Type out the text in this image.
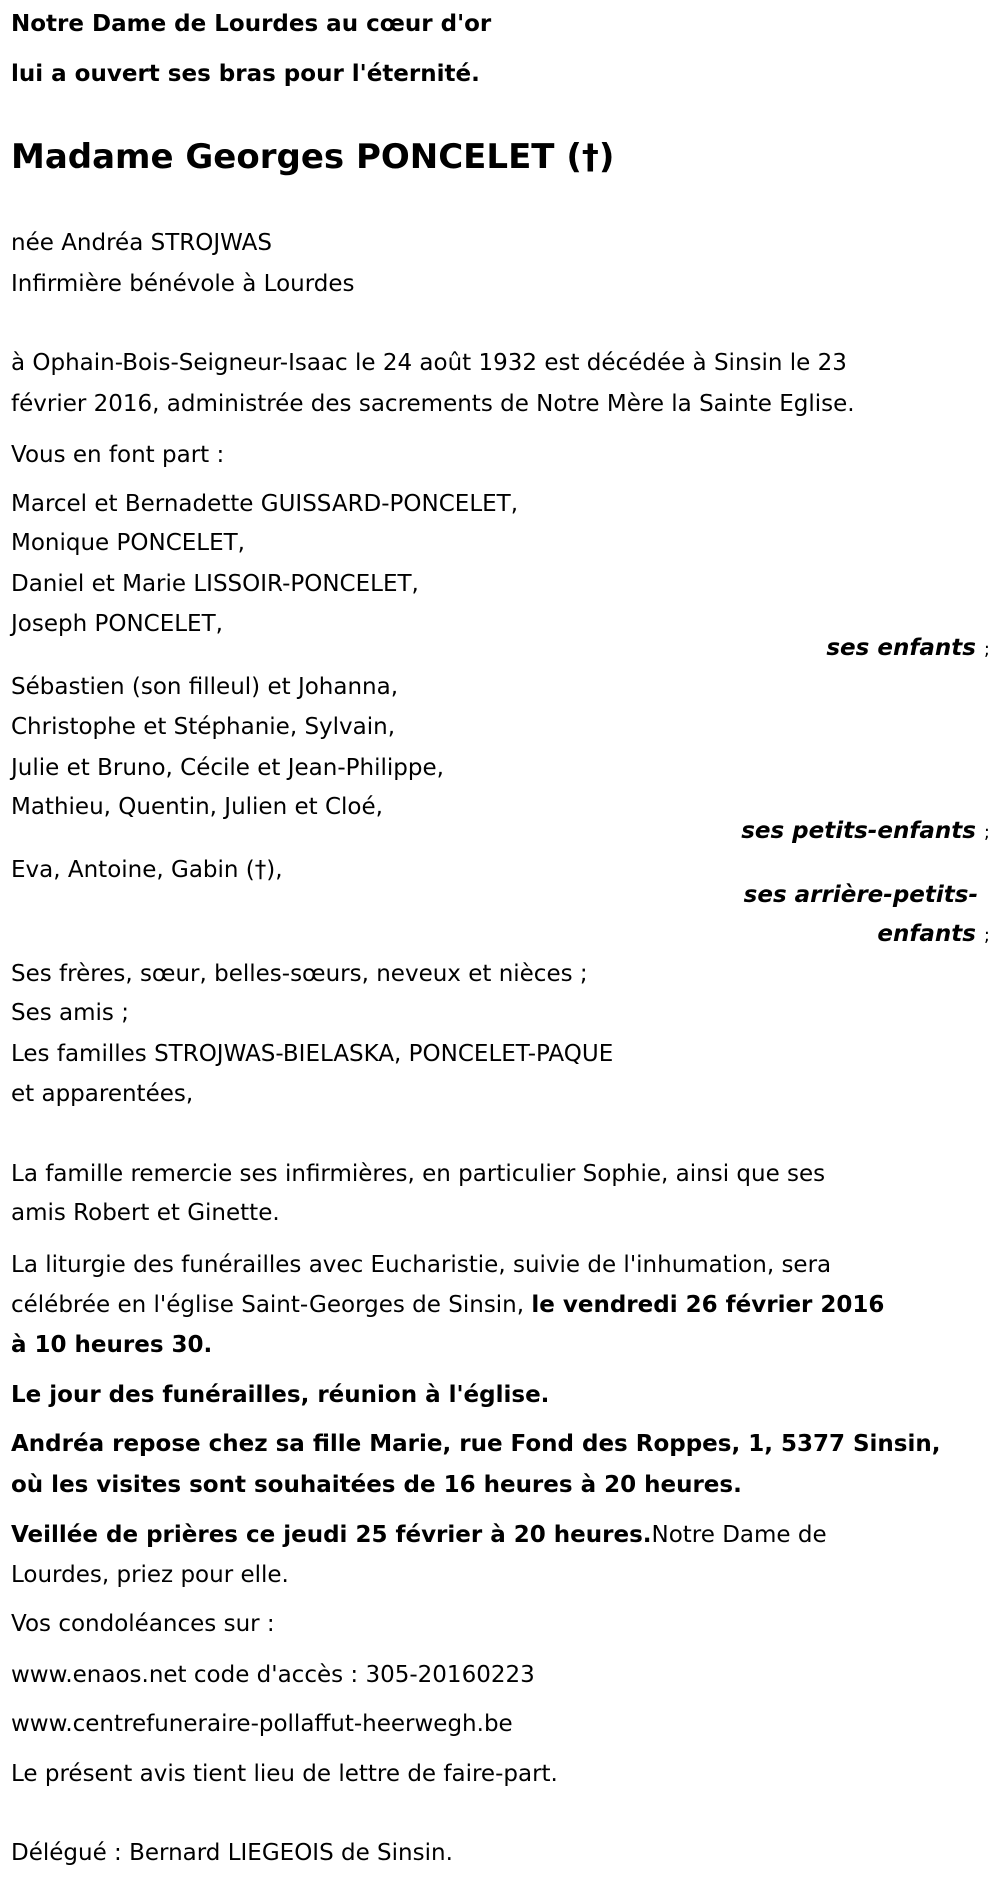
Notre Dame de Lourdes au cœur d'or
lui a ouvert ses bras pour l'éternité.
Madame Georges PONCELET (†)
née Andréa STROJWAS
Infirmière bénévole à Lourdes
à Ophain-Bois-Seigneur-Isaac le 24 août 1932 est décédée à Sinsin le 23
février 2016, administrée des sacrements de Notre Mère la Sainte Eglise.
Vous en font part :
Marcel et Bernadette GUISSARD-PONCELET,
Monique PONCELET,
Daniel et Marie LISSOIR-PONCELET,
Joseph PONCELET,
ses enfants ;
Sébastien (son filleul) et Johanna,
Christophe et Stéphanie, Sylvain,
Julie et Bruno, Cécile et Jean-Philippe,
Mathieu, Quentin, Julien et Cloé,
ses petits-enfants ;
Eva, Antoine, Gabin (†),
ses arrière-petits-
enfants ;
Ses frères, sœur, belles-sœurs, neveux et nièces ;
Ses amis ;
Les familles STROJWAS-BIELASKA, PONCELET-PAQUE
et apparentées,
La famille remercie ses infirmières, en particulier Sophie, ainsi que ses
amis Robert et Ginette.
La liturgie des funérailles avec Eucharistie, suivie de l'inhumation, sera
célébrée en l'église Saint-Georges de Sinsin, le vendredi 26 février 2016
à 10 heures 30.
Le jour des funérailles, réunion à l'église.
Andréa repose chez sa fille Marie, rue Fond des Roppes, 1, 5377 Sinsin,
où les visites sont souhaitées de 16 heures à 20 heures.
Veillée de prières ce jeudi 25 février à 20 heures.Notre Dame de
Lourdes, priez pour elle.
Vos condoléances sur :
www.enaos.net code d'accès : 305-20160223
www.centrefuneraire-pollaffut-heerwegh.be
Le présent avis tient lieu de lettre de faire-part.
Délégué : Bernard LIEGEOIS de Sinsin.
